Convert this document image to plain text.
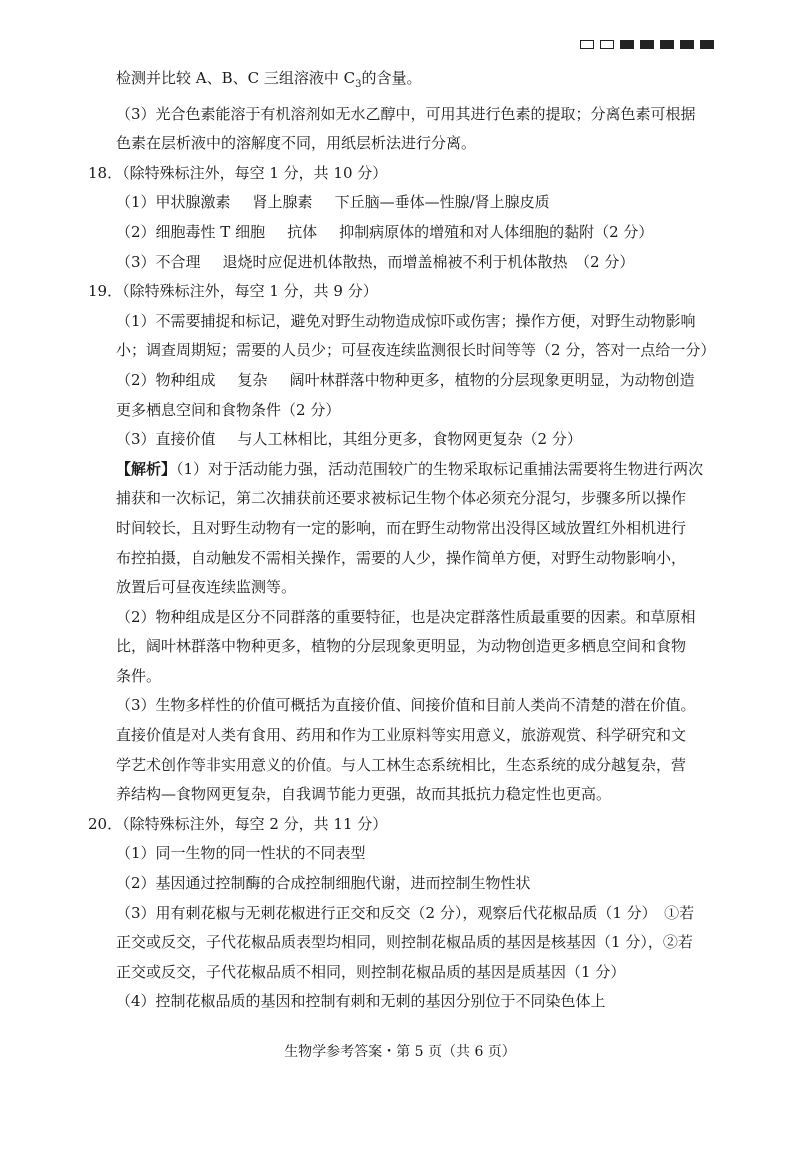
检测并比较 A、B、C 三组溶液中 $C_3$的含量。
（3）光合色素能溶于有机溶剂如无水乙醇中，可用其进行色素的提取；分离色素可根据
色素在层析液中的溶解度不同，用纸层析法进行分离。
18．（除特殊标注外，每空 1 分，共 10 分）
（1）甲状腺激素 肾上腺素 下丘脑—垂体—性腺/肾上腺皮质
（2）细胞毒性 T 细胞 抗体 抑制病原体的增殖和对人体细胞的黏附（2 分）
（3）不合理 退烧时应促进机体散热，而增盖棉被不利于机体散热　（2 分）
19．（除特殊标注外，每空 1 分，共 9 分）
（1）不需要捕捉和标记，避免对野生动物造成惊吓或伤害；操作方便，对野生动物影响
小；调查周期短；需要的人员少；可昼夜连续监测很长时间等等（2 分，答对一点给一分）
（2）物种组成 复杂 阔叶林群落中物种更多，植物的分层现象更明显，为动物创造
更多栖息空间和食物条件（2 分）
（3）直接价值 与人工林相比，其组分更多，食物网更复杂（2 分）
【解析】（1）对于活动能力强，活动范围较广的生物采取标记重捕法需要将生物进行两次
捕获和一次标记，第二次捕获前还要求被标记生物个体必须充分混匀，步骤多所以操作
时间较长，且对野生动物有一定的影响，而在野生动物常出没得区域放置红外相机进行
布控拍摄，自动触发不需相关操作，需要的人少，操作简单方便，对野生动物影响小，
放置后可昼夜连续监测等。
（2）物种组成是区分不同群落的重要特征，也是决定群落性质最重要的因素。和草原相
比，阔叶林群落中物种更多，植物的分层现象更明显，为动物创造更多栖息空间和食物
条件。
（3）生物多样性的价值可概括为直接价值、间接价值和目前人类尚不清楚的潜在价值。
直接价值是对人类有食用、药用和作为工业原料等实用意义，旅游观赏、科学研究和文
学艺术创作等非实用意义的价值。与人工林生态系统相比，生态系统的成分越复杂，营
养结构—食物网更复杂，自我调节能力更强，故而其抵抗力稳定性也更高。
20．（除特殊标注外，每空 2 分，共 11 分）
（1）同一生物的同一性状的不同表型
（2）基因通过控制酶的合成控制细胞代谢，进而控制生物性状
（3）用有刺花椒与无刺花椒进行正交和反交（2 分），观察后代花椒品质（1 分）　①若
正交或反交，子代花椒品质表型均相同，则控制花椒品质的基因是核基因（1 分），②若
正交或反交，子代花椒品质不相同，则控制花椒品质的基因是质基因（1 分）
（4）控制花椒品质的基因和控制有刺和无刺的基因分别位于不同染色体上
生物学参考答案・第 5 页（共 6 页）
